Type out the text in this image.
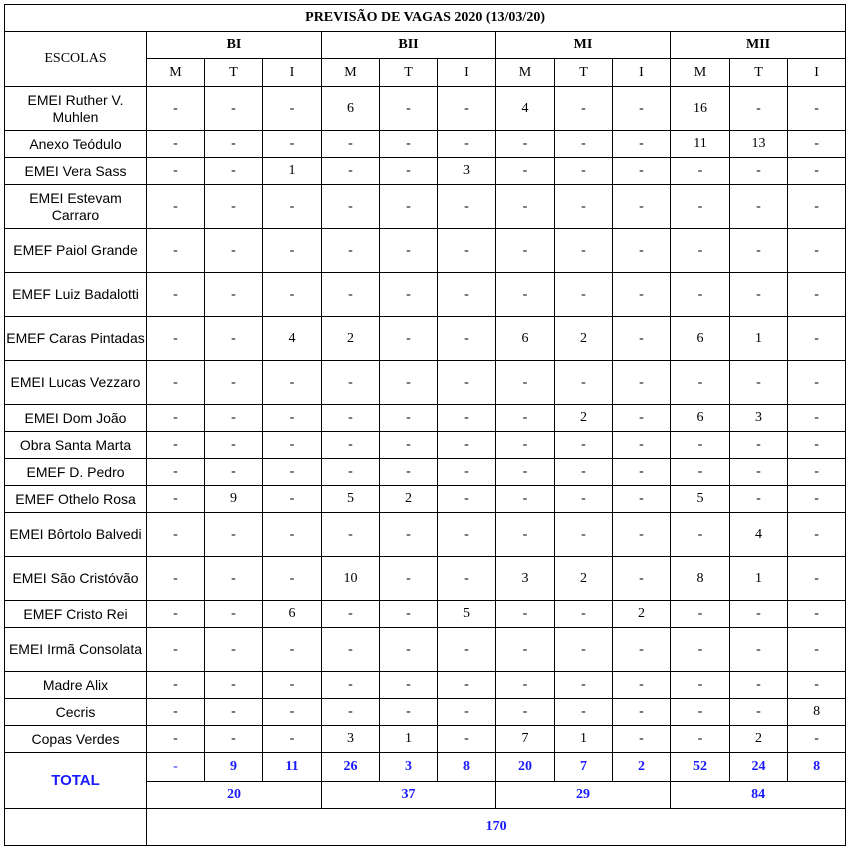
PREVISÃO DE VAGAS 2020 (13/03/20)												
ESCOLAS	BI			BII			MI			MII		
	M	T	I	M	T	I	M	T	I	M	T	I
EMEI Ruther V. Muhlen	-	-	-	6	-	-	4	-	-	16	-	-
Anexo Teódulo	-	-	-	-	-	-	-	-	-	11	13	-
EMEI Vera Sass	-	-	1	-	-	3	-	-	-	-	-	-
EMEI Estevam Carraro	-	-	-	-	-	-	-	-	-	-	-	-
EMEF Paiol Grande	-	-	-	-	-	-	-	-	-	-	-	-
EMEF Luiz Badalotti	-	-	-	-	-	-	-	-	-	-	-	-
EMEF Caras Pintadas	-	-	4	2	-	-	6	2	-	6	1	-
EMEI Lucas Vezzaro	-	-	-	-	-	-	-	-	-	-	-	-
EMEI Dom João	-	-	-	-	-	-	-	2	-	6	3	-
Obra Santa Marta	-	-	-	-	-	-	-	-	-	-	-	-
EMEF D. Pedro	-	-	-	-	-	-	-	-	-	-	-	-
EMEF Othelo Rosa	-	9	-	5	2	-	-	-	-	5	-	-
EMEI Bôrtolo Balvedi	-	-	-	-	-	-	-	-	-	-	4	-
EMEI São Cristóvão	-	-	-	10	-	-	3	2	-	8	1	-
EMEF Cristo Rei	-	-	6	-	-	5	-	-	2	-	-	-
EMEI Irmã Consolata	-	-	-	-	-	-	-	-	-	-	-	-
Madre Alix	-	-	-	-	-	-	-	-	-	-	-	-
Cecris	-	-	-	-	-	-	-	-	-	-	-	8
Copas Verdes	-	-	-	3	1	-	7	1	-	-	2	-
TOTAL	-	9	11	26	3	8	20	7	2	52	24	8
	20			37			29			84		
	170											
